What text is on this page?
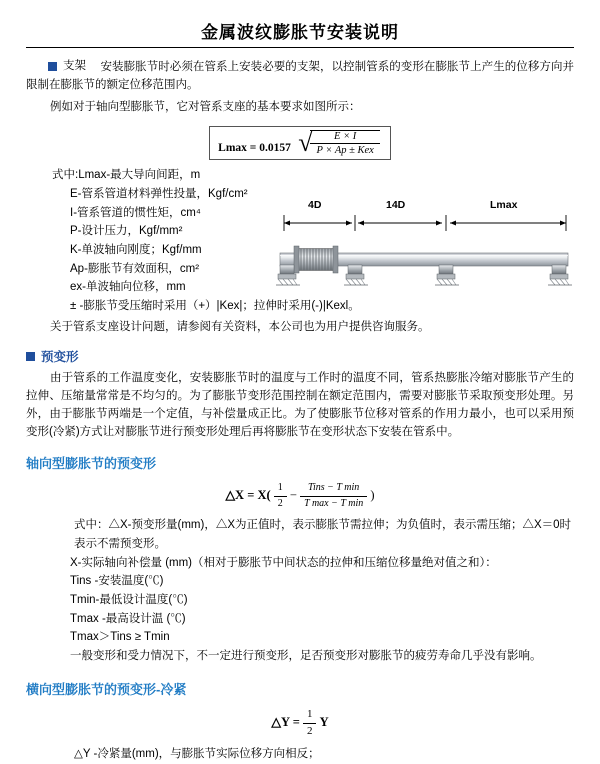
金属波纹膨胀节安装说明

支架 安装膨胀节时必须在管系上安装必要的支架，以控制管系的变形在膨胀节上产生的位移方向并限制在膨胀节的额定位移范围内。

例如对于轴向型膨胀节，它对管系支座的基本要求如图所示：

Lmax = 0.0157 √
$\frac{E \times I}{\text{P × Ap ± Kex}}$
式中:Lmax-最大导向间距，m
E-管系管道材料弹性投量，Kgf/cm²
I-管系管道的惯性矩，cm⁴
P-设计压力，Kgf/mm²
K-单波轴向刚度；Kgf/mm
Ap-膨胀节有效面积，cm²
ex-单波轴向位移，mm
± -膨胀节受压缩时采用（+）|Kex|；拉伸时采用(-)|Kexl。
4D	14D	Lmax

关于管系支座设计问题，请参阅有关资料，本公司也为用户提供咨询服务。

预变形

由于管系的工作温度变化，安装膨胀节时的温度与工作时的温度不同，管系热膨胀冷缩对膨胀节产生的拉伸、压缩量常常是不均匀的。为了膨胀节变形范围控制在额定范围内，需要对膨胀节采取预变形处理。另外，由于膨胀节两端是一个定值，与补偿量成正比。为了使膨胀节位移对管系的作用力最小，也可以采用预变形(冷紧)方式让对膨胀节进行预变形处理后再将膨胀节在变形状态下安装在管系中。

轴向型膨胀节的预变形
△X = $X( \frac{1}{2} - \frac{\text{Tins − T min}}{\text{T max − T min}}$ )
式中：△X-预变形量(mm)，△X为正值时，表示膨胀节需拉伸；为负值时，表示需压缩；△X＝0时表示不需预变形。
X-实际轴向补偿量 (mm)（相对于膨胀节中间状态的拉伸和压缩位移量绝对值之和）：
Tins -安装温度(℃)
Tmin-最低设计温度(℃)
Tmax -最高设计温 (℃)
Tmax＞Tins ≥ Tmin
一般变形和受力情况下，不一定进行预变形，足否预变形对膨胀节的疲劳寿命几乎没有影响。
横向型膨胀节的预变形-冷紧
△Y = $\frac{1}{2}$ Y
△Y -冷紧量(mm)，与膨胀节实际位移方向相反；
